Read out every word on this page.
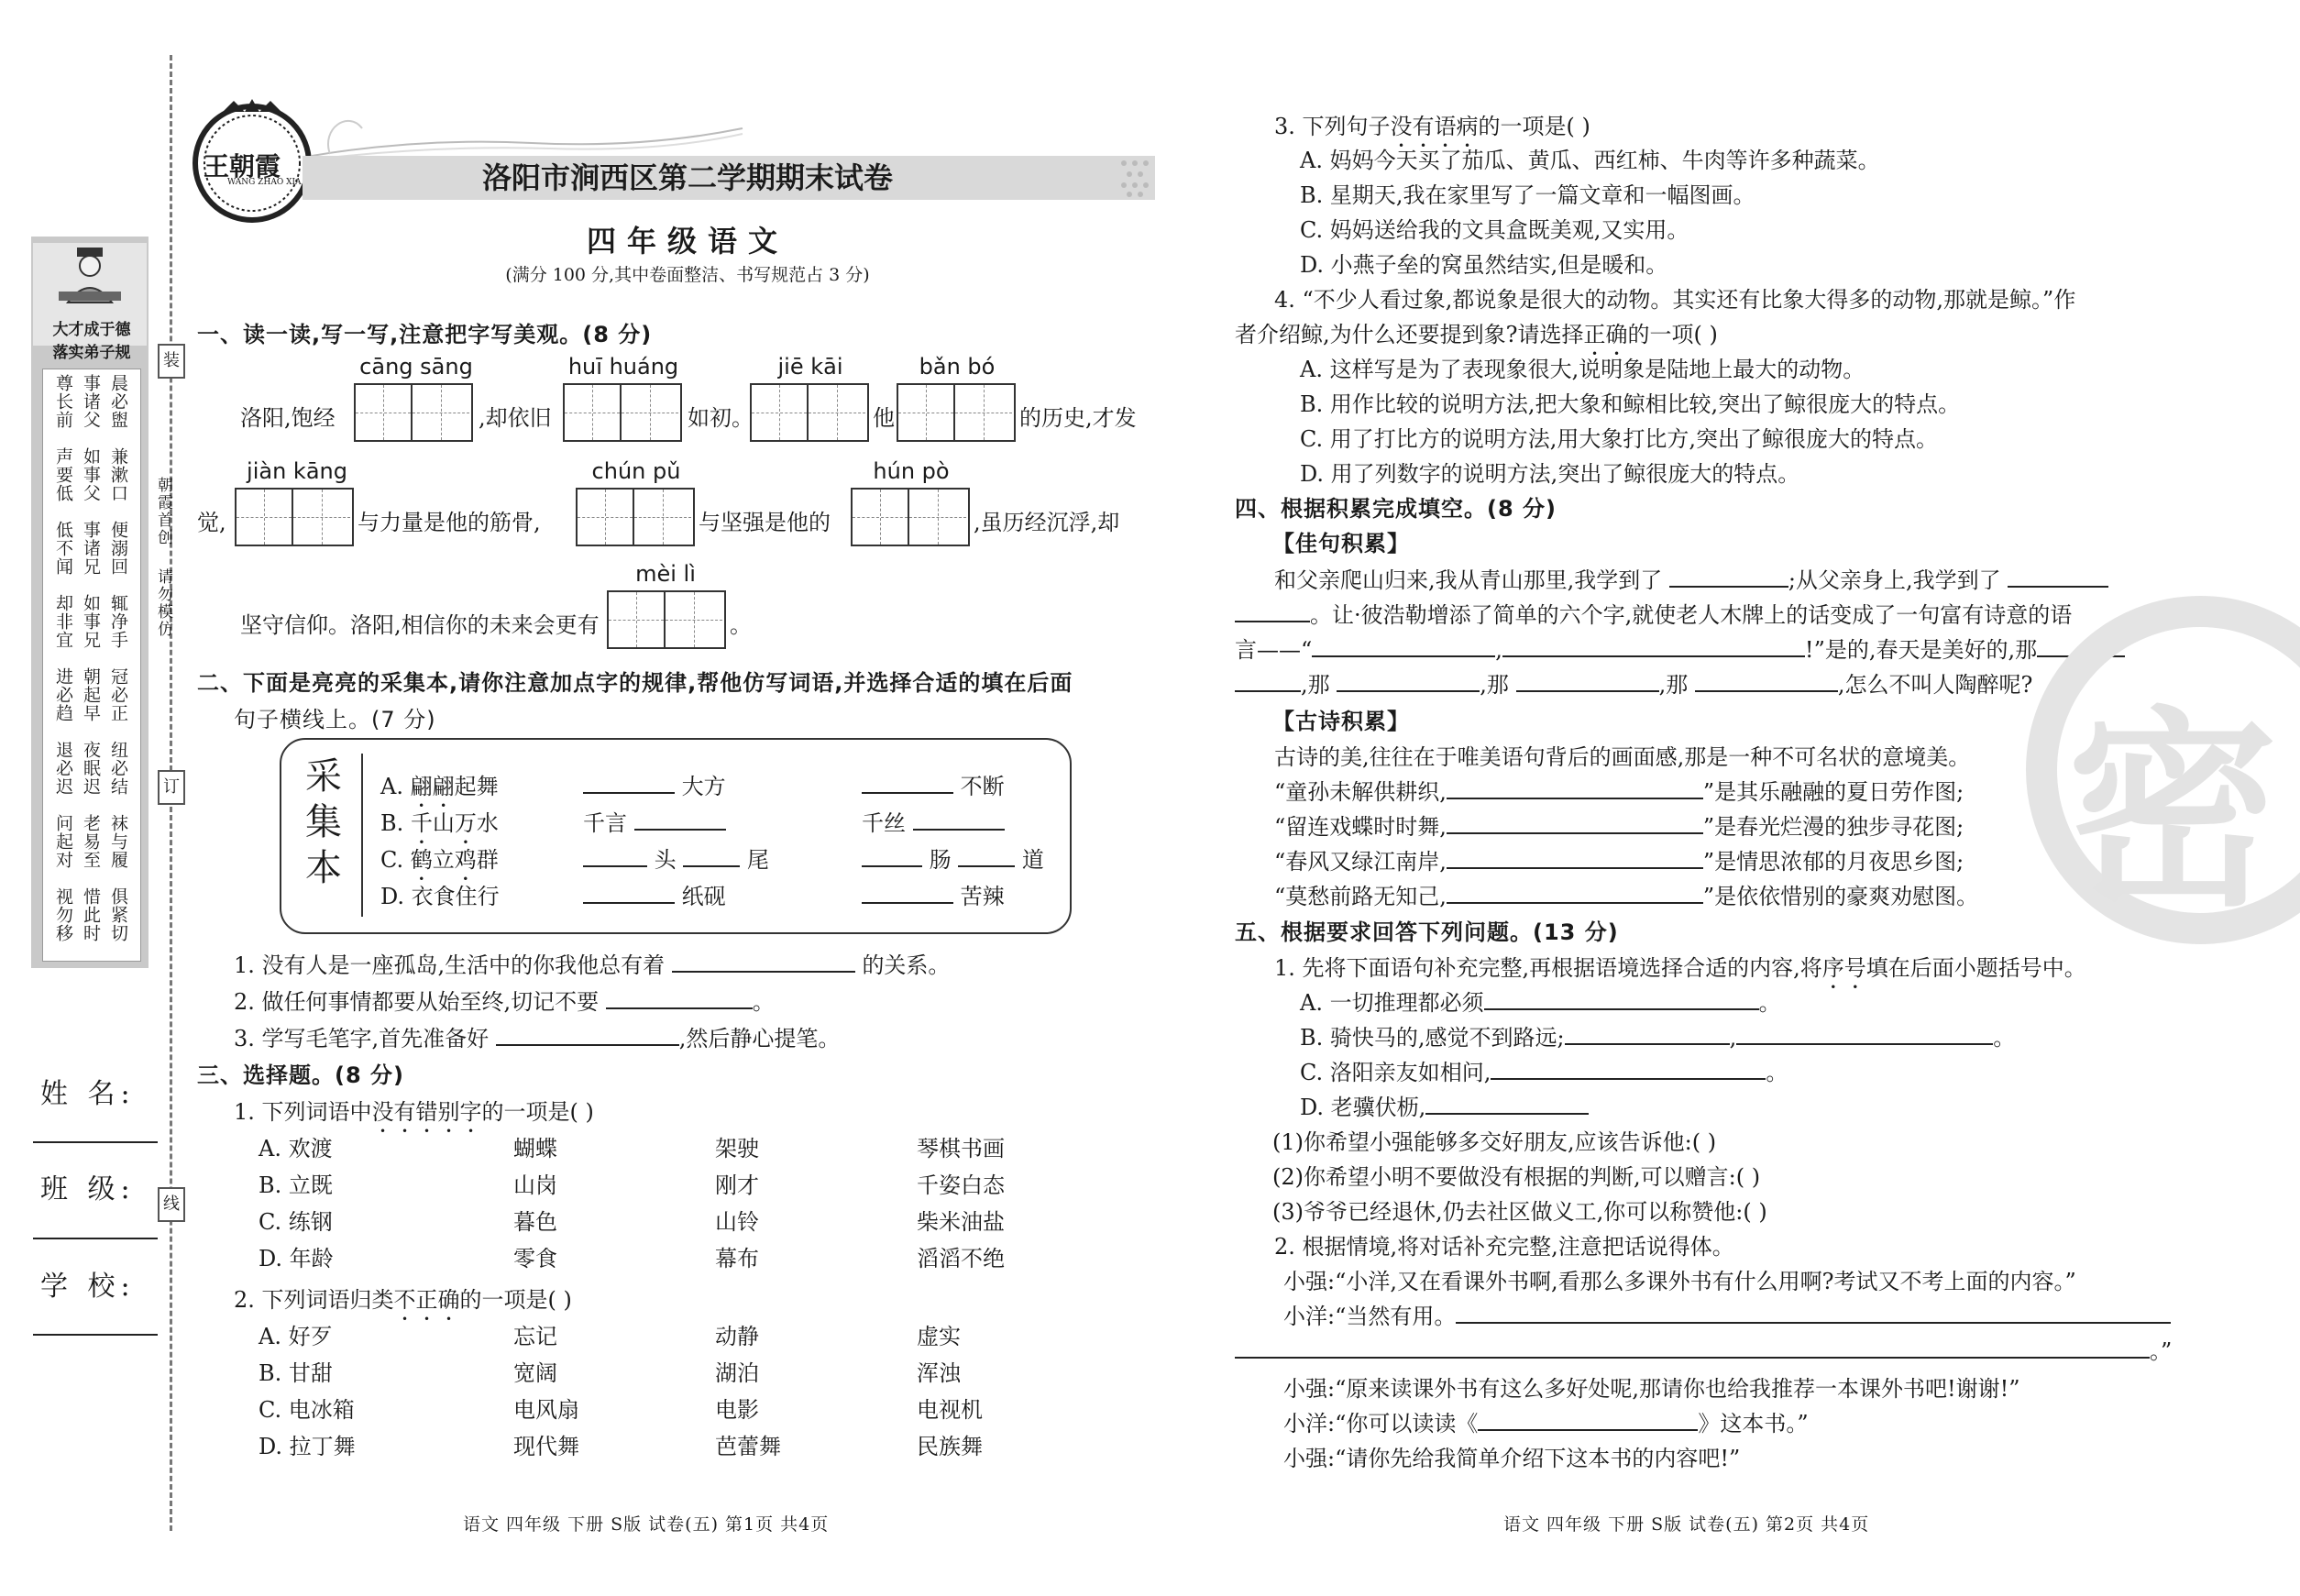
装
订
线
大才成于德
落实弟子规
晨必盥
事诸父
尊长前
兼漱口
如事父
声要低
便溺回
事诸兄
低不闻
辄净手
如事兄
却非宜
冠必正
朝起早
进必趋
纽必结
夜眠迟
退必迟
袜与履
老易至
问起对
俱紧切
惜此时
视勿移
朝霞首创
请勿模仿
姓 名:
班 级:
学 校:
王朝霞
WANG ZHAO XIA	洛阳市涧西区第二学期期末试卷
四年级语文
(满分 100 分,其中卷面整洁、书写规范占 3 分)
一、读一读,写一写,注意把字写美观。(8 分)
cāng sāng	huī huáng	jiē kāi	bǎn bó
洛阳,饱经	,却依旧	如初。	他	的历史,才发
jiàn kāng	chún pǔ	hún pò
觉,	与力量是他的筋骨,	与坚强是他的	,虽历经沉浮,却
mèi lì
坚守信仰。洛阳,相信你的未来会更有	。
二、下面是亮亮的采集本,请你注意加点字的规律,帮他仿写词语,并选择合适的填在后面
句子横线上。(7 分)
采集本
A. 翩翩起舞	大方	不断
B. 千山万水	千言	千丝
C. 鹤立鸡群	头	尾	肠	道
D. 衣食住行	纸砚	苦辣
1. 没有人是一座孤岛,生活中的你我他总有着	的关系。
2. 做任何事情都要从始至终,切记不要	。
3. 学写毛笔字,首先准备好	,然后静心提笔。
三、选择题。(8 分)
1. 下列词语中没有错别字的一项是( )
A. 欢渡	蝴蝶	架驶	琴棋书画
B. 立既	山岗	刚才	千姿白态
C. 练钢	暮色	山铃	柴米油盐
D. 年龄	零食	幕布	滔滔不绝
2. 下列词语归类不正确的一项是( )
A. 好歹	忘记	动静	虚实
B. 甘甜	宽阔	湖泊	浑浊
C. 电冰箱	电风扇	电影	电视机
D. 拉丁舞	现代舞	芭蕾舞	民族舞
3. 下列句子没有语病的一项是( )
A. 妈妈今天买了茄瓜、黄瓜、西红柿、牛肉等许多种蔬菜。
B. 星期天,我在家里写了一篇文章和一幅图画。
C. 妈妈送给我的文具盒既美观,又实用。
D. 小燕子垒的窝虽然结实,但是暖和。
4. “不少人看过象,都说象是很大的动物。其实还有比象大得多的动物,那就是鲸。”作
者介绍鲸,为什么还要提到象?请选择正确的一项( )
A. 这样写是为了表现象很大,说明象是陆地上最大的动物。
B. 用作比较的说明方法,把大象和鲸相比较,突出了鲸很庞大的特点。
C. 用了打比方的说明方法,用大象打比方,突出了鲸很庞大的特点。
D. 用了列数字的说明方法,突出了鲸很庞大的特点。
四、根据积累完成填空。(8 分)
【佳句积累】
和父亲爬山归来,我从青山那里,我学到了	;从父亲身上,我学到了
。让·彼浩勒增添了简单的六个字,就使老人木牌上的话变成了一句富有诗意的语
言——“	,	!”是的,春天是美好的,那
,那	,那	,那	,怎么不叫人陶醉呢?
【古诗积累】
古诗的美,往往在于唯美语句背后的画面感,那是一种不可名状的意境美。
“童孙未解供耕织,	”是其乐融融的夏日劳作图;
“留连戏蝶时时舞,	”是春光烂漫的独步寻花图;
“春风又绿江南岸,	”是情思浓郁的月夜思乡图;
“莫愁前路无知己,	”是依依惜别的豪爽劝慰图。
五、根据要求回答下列问题。(13 分)
1. 先将下面语句补充完整,再根据语境选择合适的内容,将序号填在后面小题括号中。
A. 一切推理都必须	。
B. 骑快马的,感觉不到路远;	,	。
C. 洛阳亲友如相问,	。
D. 老骥伏枥,
(1)你希望小强能够多交好朋友,应该告诉他:( )
(2)你希望小明不要做没有根据的判断,可以赠言:( )
(3)爷爷已经退休,仍去社区做义工,你可以称赞他:( )
2. 根据情境,将对话补充完整,注意把话说得体。
小强:“小洋,又在看课外书啊,看那么多课外书有什么用啊?考试又不考上面的内容。”
小洋:“当然有用。
。”
小强:“原来读课外书有这么多好处呢,那请你也给我推荐一本课外书吧!谢谢!”
小洋:“你可以读读《	》这本书。”
小强:“请你先给我简单介绍下这本书的内容吧!”
密
语文 四年级 下册 S版 试卷(五) 第1页 共4页	语文 四年级 下册 S版 试卷(五) 第2页 共4页
